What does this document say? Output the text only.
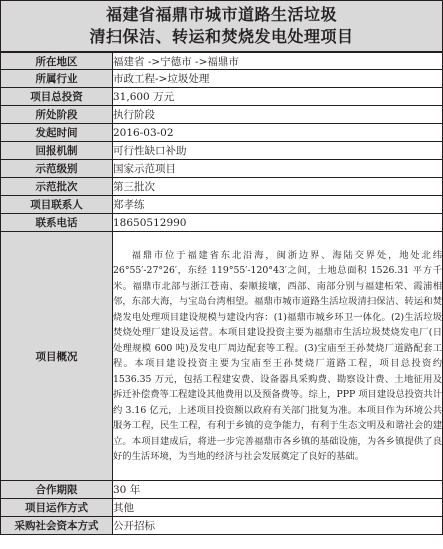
福建省福鼎市城市道路生活垃圾
清扫保洁、转运和焚烧发电处理项目
所在地区	福建省 ->宁德市 ->福鼎市
所属行业	市政工程->垃圾处理
项目总投资	31,600 万元
所处阶段	执行阶段
发起时间	2016-03-02
回报机制	可行性缺口补助
示范级别	国家示范项目
示范批次	第三批次
项目联系人	郑孝练
联系电话	18650512990
项目概况	福鼎市位于福建省东北沿海，闽浙边界、海陆交界处，地处北纬 26°55′-27°26′，东经 119°55′-120°43′之间，土地总面积 1526.31 平方千米。福鼎市北部与浙江苍南、泰顺接壤，西部、南部分别与福建柘荣、霞浦相邻，东部大海，与宝岛台湾相望。福鼎市城市道路生活垃圾清扫保洁、转运和焚烧发电处理项目建设规模与建设内容：(1)福鼎市城乡环卫一体化。(2)生活垃圾焚烧处理厂建设及运营。本项目建设投资主要为福鼎市生活垃圾焚烧发电厂(日处理规模 600 吨)及发电厂周边配套等工程。(3)宝庙至王孙焚烧厂道路配套工程。本项目建设投资主要为宝庙至王孙焚烧厂道路工程，项目总投资约 1536.35 万元，包括工程建安费、设备器具采购费、勘察设计费、土地征用及拆迁补偿费等工程建设其他费用以及预备费等。综上，PPP 项目建设总投资共计约 3.16 亿元，上述项目投资额以政府有关部门批复为准。本项目作为环境公共服务工程，民生工程，有利于乡镇的竞争能力，有利于生态文明及和谐社会的建立。本项目建成后，将进一步完善福鼎市各乡镇的基础设施，为各乡镇提供了良好的生活环境，为当地的经济与社会发展奠定了良好的基础。
合作期限	30 年
项目运作方式	其他
采购社会资本方式	公开招标
